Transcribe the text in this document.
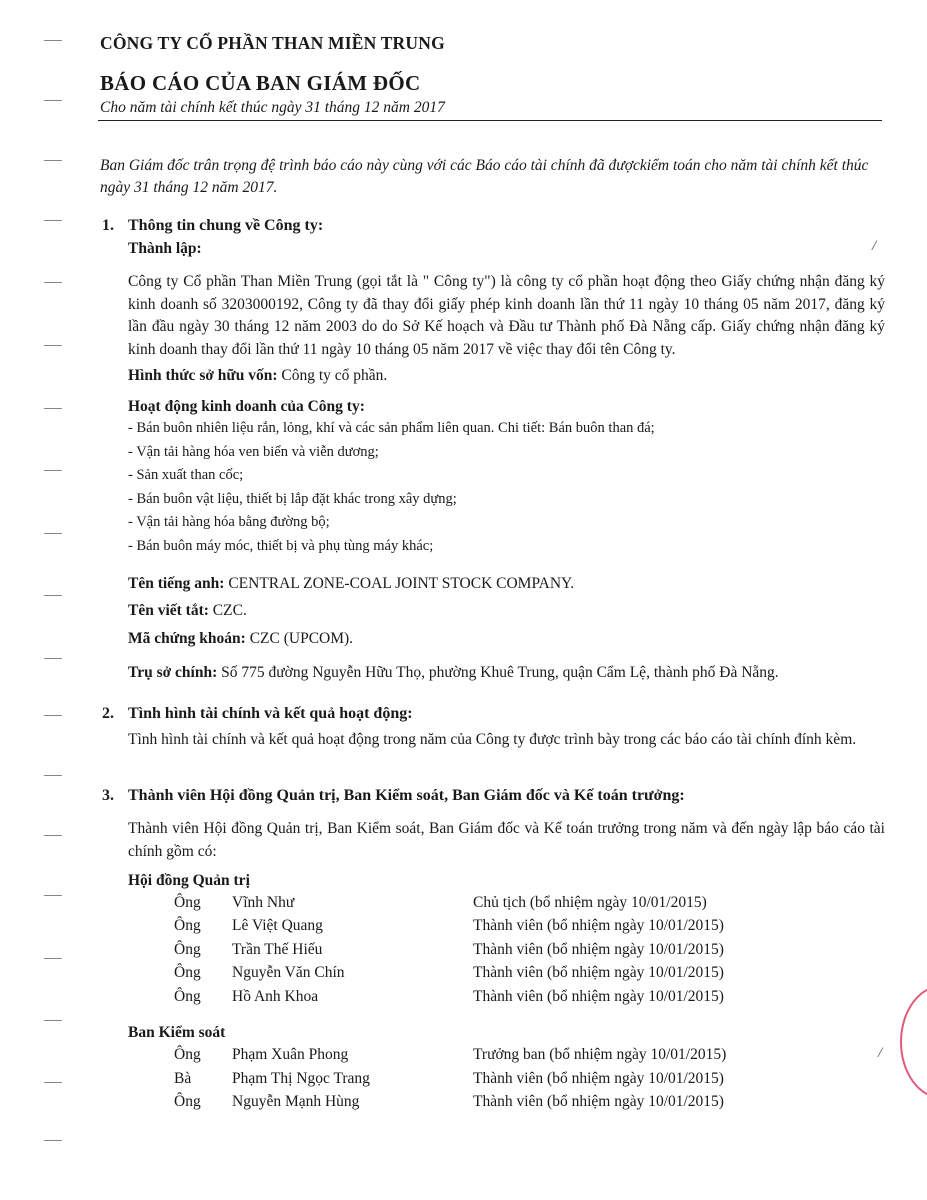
CÔNG TY CỔ PHẦN THAN MIỀN TRUNG
BÁO CÁO CỦA BAN GIÁM ĐỐC
Cho năm tài chính kết thúc ngày 31 tháng 12 năm 2017
Ban Giám đốc trân trọng đệ trình báo cáo này cùng với các Báo cáo tài chính đã đượckiểm toán cho năm tài chính kết thúc ngày 31 tháng 12 năm 2017.
1. Thông tin chung về Công ty:
Thành lập:	/
Công ty Cổ phần Than Miền Trung (gọi tắt là " Công ty") là công ty cổ phần hoạt động theo Giấy chứng nhận đăng ký kinh doanh số 3203000192, Công ty đã thay đổi giấy phép kinh doanh lần thứ 11 ngày 10 tháng 05 năm 2017, đăng ký lần đầu ngày 30 tháng 12 năm 2003 do do Sở Kế hoạch và Đầu tư Thành phố Đà Nẵng cấp. Giấy chứng nhận đăng ký kinh doanh thay đổi lần thứ 11 ngày 10 tháng 05 năm 2017 về việc thay đổi tên Công ty.
Hình thức sở hữu vốn: Công ty cổ phần.
Hoạt động kinh doanh của Công ty:
- Bán buôn nhiên liệu rắn, lỏng, khí và các sản phẩm liên quan. Chi tiết: Bán buôn than đá;
- Vận tải hàng hóa ven biển và viễn dương;
- Sản xuất than cốc;
- Bán buôn vật liệu, thiết bị lắp đặt khác trong xây dựng;
- Vận tải hàng hóa bằng đường bộ;
- Bán buôn máy móc, thiết bị và phụ tùng máy khác;
Tên tiếng anh: CENTRAL ZONE-COAL JOINT STOCK COMPANY.
Tên viết tắt: CZC.
Mã chứng khoán: CZC (UPCOM).
Trụ sở chính: Số 775 đường Nguyễn Hữu Thọ, phường Khuê Trung, quận Cẩm Lệ, thành phố Đà Nẵng.
2. Tình hình tài chính và kết quả hoạt động:
Tình hình tài chính và kết quả hoạt động trong năm của Công ty được trình bày trong các báo cáo tài chính đính kèm.
3. Thành viên Hội đồng Quản trị, Ban Kiểm soát, Ban Giám đốc và Kế toán trưởng:
Thành viên Hội đồng Quản trị, Ban Kiểm soát, Ban Giám đốc và Kế toán trưởng trong năm và đến ngày lập báo cáo tài chính gồm có:
Hội đồng Quản trị
Ông Vĩnh Như	Chủ tịch (bổ nhiệm ngày 10/01/2015)
Ông Lê Việt Quang	Thành viên (bổ nhiệm ngày 10/01/2015)
Ông Trần Thế Hiếu	Thành viên (bổ nhiệm ngày 10/01/2015)
Ông Nguyễn Văn Chín	Thành viên (bổ nhiệm ngày 10/01/2015)
Ông Hồ Anh Khoa	Thành viên (bổ nhiệm ngày 10/01/2015)
Ban Kiểm soát
/
Ông Phạm Xuân Phong	Trưởng ban (bổ nhiệm ngày 10/01/2015)
Bà	Phạm Thị Ngọc Trang	Thành viên (bổ nhiệm ngày 10/01/2015)
Ông Nguyễn Mạnh Hùng	Thành viên (bổ nhiệm ngày 10/01/2015)
